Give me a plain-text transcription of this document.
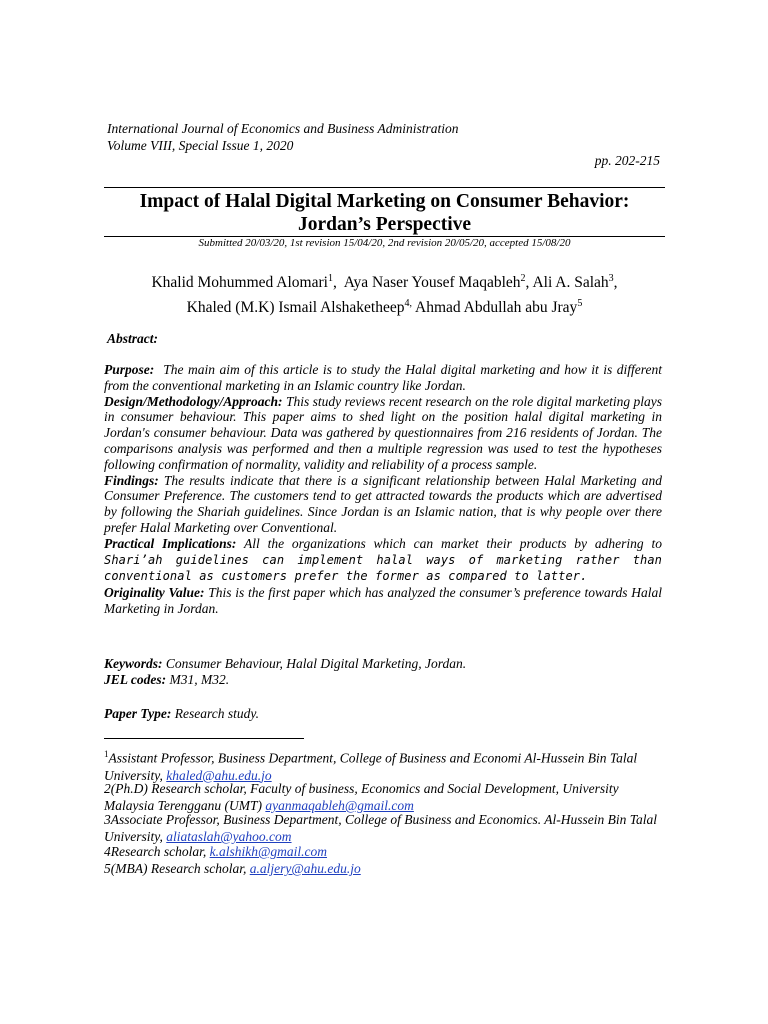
International Journal of Economics and Business Administration
Volume VIII, Special Issue 1, 2020
pp. 202-215
Impact of Halal Digital Marketing on Consumer Behavior:
Jordan’s Perspective
Submitted 20/03/20, 1st revision 15/04/20, 2nd revision 20/05/20, accepted 15/08/20
Khalid Mohummed Alomari$^1$,  Aya Naser Yousef Maqableh$^2$, Ali A. Salah$^3$,
Khaled (M.K) Ismail Alshaketheep$^{4,}$ Ahmad Abdullah abu Jray$^5$
Abstract:
Purpose: The main aim of this article is to study the Halal digital marketing and how it is different from the conventional marketing in an Islamic country like Jordan.
Design/Methodology/Approach: This study reviews recent research on the role digital marketing plays in consumer behaviour. This paper aims to shed light on the position halal digital marketing in Jordan's consumer behaviour. Data was gathered by questionnaires from 216 residents of Jordan. The comparisons analysis was performed and then a multiple regression was used to test the hypotheses following confirmation of normality, validity and reliability of a process sample.
Findings: The results indicate that there is a significant relationship between Halal Marketing and Consumer Preference. The customers tend to get attracted towards the products which are advertised by following the Shariah guidelines. Since Jordan is an Islamic nation, that is why people over there prefer Halal Marketing over Conventional.
Practical Implications: All the organizations which can market their products by adhering to Shari’ah guidelines can implement halal ways of marketing rather than conventional as customers prefer the former as compared to latter.
Originality Value: This is the first paper which has analyzed the consumer’s preference towards Halal Marketing in Jordan.
Keywords: Consumer Behaviour, Halal Digital Marketing, Jordan.
JEL codes: M31, M32.
Paper Type: Research study.
$^1$Assistant Professor, Business Department, College of Business and Economi Al-Hussein Bin Talal University, khaled@ahu.edu.jo
2(Ph.D) Research scholar, Faculty of business, Economics and Social Development, University Malaysia Terengganu (UMT) ayanmaqableh@gmail.com
3Associate Professor, Business Department, College of Business and Economics. Al-Hussein Bin Talal University, aliataslah@yahoo.com
4Research scholar, k.alshikh@gmail.com
5(MBA) Research scholar, a.aljery@ahu.edu.jo
